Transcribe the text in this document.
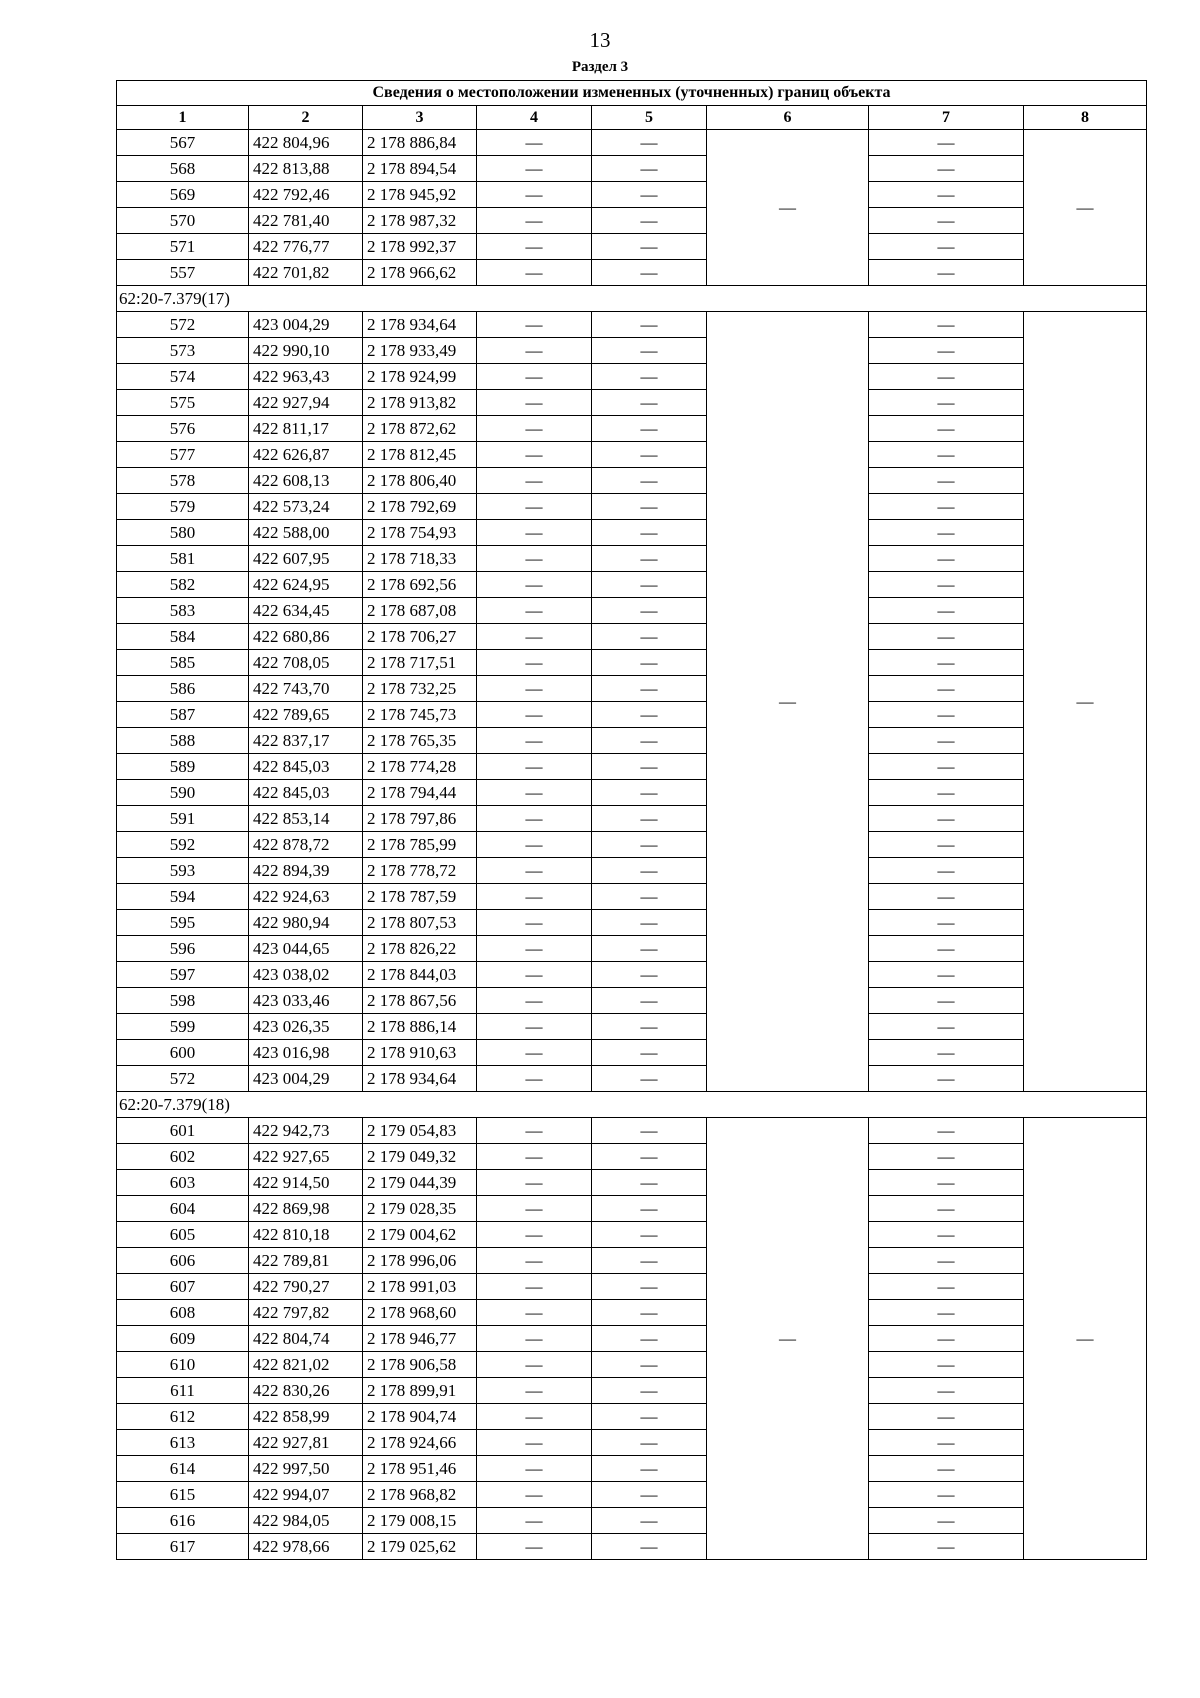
13
Раздел 3
Сведения о местоположении измененных (уточненных) границ объекта							
1	2	3	4	5	6	7	8
567	422 804,96	2 178 886,84	—	—	—	—	—
568	422 813,88	2 178 894,54	—	—		—	
569	422 792,46	2 178 945,92	—	—		—	
570	422 781,40	2 178 987,32	—	—		—	
571	422 776,77	2 178 992,37	—	—		—	
557	422 701,82	2 178 966,62	—	—		—	
62:20-7.379(17)							
572	423 004,29	2 178 934,64	—	—	—	—	—
573	422 990,10	2 178 933,49	—	—		—	
574	422 963,43	2 178 924,99	—	—		—	
575	422 927,94	2 178 913,82	—	—		—	
576	422 811,17	2 178 872,62	—	—		—	
577	422 626,87	2 178 812,45	—	—		—	
578	422 608,13	2 178 806,40	—	—		—	
579	422 573,24	2 178 792,69	—	—		—	
580	422 588,00	2 178 754,93	—	—		—	
581	422 607,95	2 178 718,33	—	—		—	
582	422 624,95	2 178 692,56	—	—		—	
583	422 634,45	2 178 687,08	—	—		—	
584	422 680,86	2 178 706,27	—	—		—	
585	422 708,05	2 178 717,51	—	—		—	
586	422 743,70	2 178 732,25	—	—		—	
587	422 789,65	2 178 745,73	—	—		—	
588	422 837,17	2 178 765,35	—	—		—	
589	422 845,03	2 178 774,28	—	—		—	
590	422 845,03	2 178 794,44	—	—		—	
591	422 853,14	2 178 797,86	—	—		—	
592	422 878,72	2 178 785,99	—	—		—	
593	422 894,39	2 178 778,72	—	—		—	
594	422 924,63	2 178 787,59	—	—		—	
595	422 980,94	2 178 807,53	—	—		—	
596	423 044,65	2 178 826,22	—	—		—	
597	423 038,02	2 178 844,03	—	—		—	
598	423 033,46	2 178 867,56	—	—		—	
599	423 026,35	2 178 886,14	—	—		—	
600	423 016,98	2 178 910,63	—	—		—	
572	423 004,29	2 178 934,64	—	—		—	
62:20-7.379(18)							
601	422 942,73	2 179 054,83	—	—	—	—	—
602	422 927,65	2 179 049,32	—	—		—	
603	422 914,50	2 179 044,39	—	—		—	
604	422 869,98	2 179 028,35	—	—		—	
605	422 810,18	2 179 004,62	—	—		—	
606	422 789,81	2 178 996,06	—	—		—	
607	422 790,27	2 178 991,03	—	—		—	
608	422 797,82	2 178 968,60	—	—		—	
609	422 804,74	2 178 946,77	—	—		—	
610	422 821,02	2 178 906,58	—	—		—	
611	422 830,26	2 178 899,91	—	—		—	
612	422 858,99	2 178 904,74	—	—		—	
613	422 927,81	2 178 924,66	—	—		—	
614	422 997,50	2 178 951,46	—	—		—	
615	422 994,07	2 178 968,82	—	—		—	
616	422 984,05	2 179 008,15	—	—		—	
617	422 978,66	2 179 025,62	—	—		—	
